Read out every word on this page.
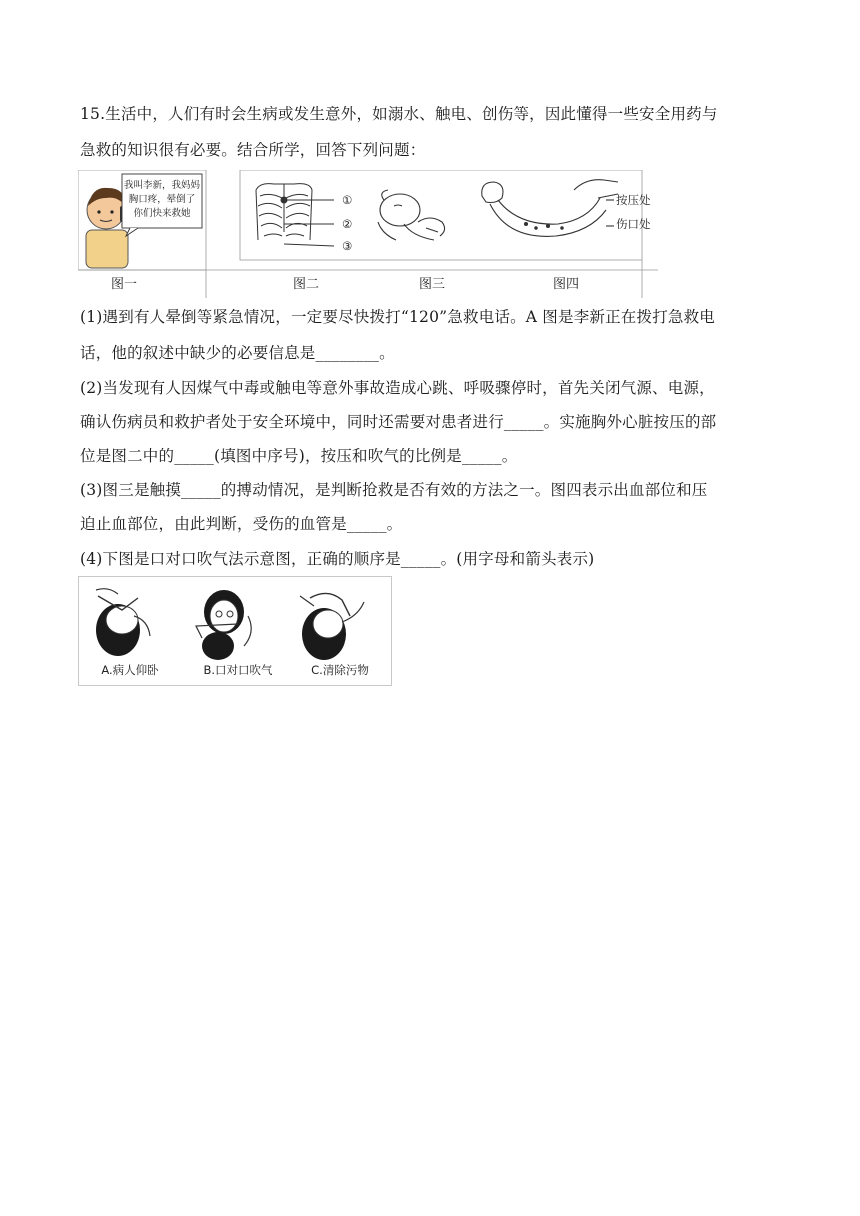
15.生活中，人们有时会生病或发生意外，如溺水、触电、创伤等，因此懂得一些安全用药与
急救的知识很有必要。结合所学，回答下列问题：
我叫李新，我妈妈
胸口疼，晕倒了
你们快来救她
①
②
③
按压处
伤口处
图一	图二	图三	图四
(1)遇到有人晕倒等紧急情况，一定要尽快拨打“120”急救电话。A 图是李新正在拨打急救电
话，他的叙述中缺少的必要信息是________。
(2)当发现有人因煤气中毒或触电等意外事故造成心跳、呼吸骤停时，首先关闭气源、电源，
确认伤病员和救护者处于安全环境中，同时还需要对患者进行_____。实施胸外心脏按压的部
位是图二中的_____(填图中序号)，按压和吹气的比例是_____。
(3)图三是触摸_____的搏动情况，是判断抢救是否有效的方法之一。图四表示出血部位和压
迫止血部位，由此判断，受伤的血管是_____。
(4)下图是口对口吹气法示意图，正确的顺序是_____。(用字母和箭头表示)
A.病人仰卧	B.口对口吹气	C.清除污物
